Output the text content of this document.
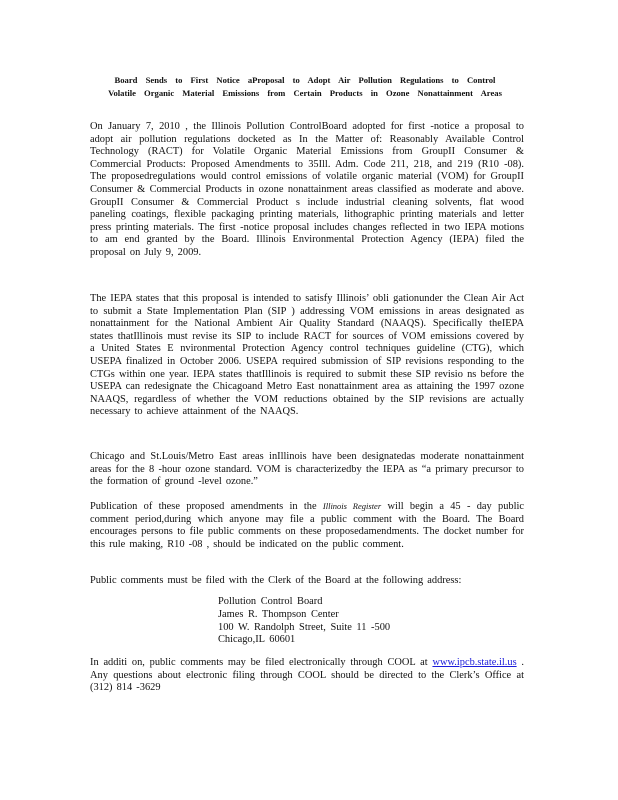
Board Sends to First Notice aProposal to Adopt Air Pollution Regulations to Control Volatile Organic Material Emissions from Certain Products in Ozone Nonattainment Areas

On January 7, 2010 , the Illinois Pollution ControlBoard adopted for first -notice a proposal to adopt air pollution regulations docketed as In the Matter of: Reasonably Available Control Technology (RACT) for Volatile Organic Material Emissions from GroupII Consumer & Commercial Products: Proposed Amendments to 35Ill. Adm. Code 211, 218, and 219 (R10 -08). The proposedregulations would control emissions of volatile organic material (VOM) for GroupII Consumer & Commercial Products in ozone nonattainment areas classified as moderate and above. GroupII Consumer & Commercial Product s include industrial cleaning solvents, flat wood paneling coatings, flexible packaging printing materials, lithographic printing materials and letter press printing materials. The first -notice proposal includes changes reflected in two IEPA motions to am end granted by the Board. Illinois Environmental Protection Agency (IEPA) filed the proposal on July 9, 2009.

The IEPA states that this proposal is intended to satisfy Illinois’ obli gationunder the Clean Air Act to submit a State Implementation Plan (SIP ) addressing VOM emissions in areas designated as nonattainment for the National Ambient Air Quality Standard (NAAQS). Specifically theIEPA states thatIllinois must revise its SIP to include RACT for sources of VOM emissions covered by a United States E nvironmental Protection Agency control techniques guideline (CTG), which USEPA finalized in October 2006. USEPA required submission of SIP revisions responding to the CTGs within one year. IEPA states thatIllinois is required to submit these SIP revisio ns before the USEPA can redesignate the Chicagoand Metro East nonattainment area as attaining the 1997 ozone NAAQS, regardless of whether the VOM reductions obtained by the SIP revisions are actually necessary to achieve attainment of the NAAQS.

Chicago and St.Louis/Metro East areas inIllinois have been designatedas moderate nonattainment areas for the 8 -hour ozone standard. VOM is characterizedby the IEPA as “a primary precursor to the formation of ground -level ozone.”

Publication of these proposed amendments in the Illinois Register will begin a 45 - day public comment period,during which anyone may file a public comment with the Board. The Board encourages persons to file public comments on these proposedamendments. The docket number for this rule making, R10 -08 , should be indicated on the public comment.

Public comments must be filed with the Clerk of the Board at the following address:

Pollution Control Board
James R. Thompson Center
100 W. Randolph Street, Suite 11 -500
Chicago,IL 60601

In additi on, public comments may be filed electronically through COOL at www.ipcb.state.il.us . Any questions about electronic filing through COOL should be directed to the Clerk’s Office at (312) 814 -3629
